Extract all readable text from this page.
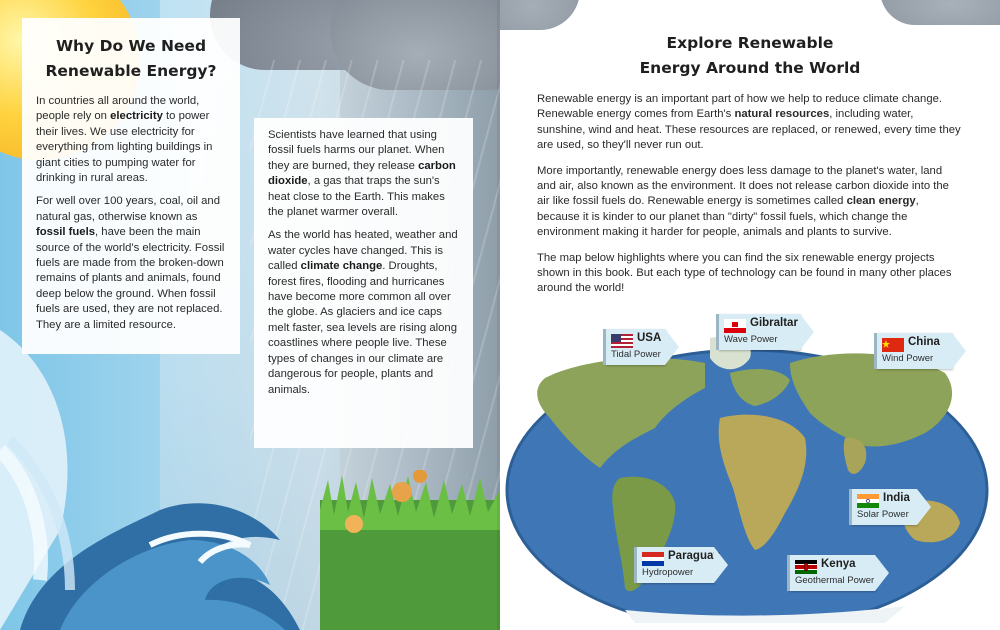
Why Do We Need
Renewable Energy?

In countries all around the world, people rely on electricity to power their lives. We use electricity for everything from lighting buildings in giant cities to pumping water for drinking in rural areas.

For well over 100 years, coal, oil and natural gas, otherwise known as fossil fuels, have been the main source of the world's electricity. Fossil fuels are made from the broken-down remains of plants and animals, found deep below the ground. When fossil fuels are used, they are not replaced. They are a limited resource.

Scientists have learned that using fossil fuels harms our planet. When they are burned, they release carbon dioxide, a gas that traps the sun's heat close to the Earth. This makes the planet warmer overall.

As the world has heated, weather and water cycles have changed. This is called climate change. Droughts, forest fires, flooding and hurricanes have become more common all over the globe. As glaciers and ice caps melt faster, sea levels are rising along coastlines where people live. These types of changes in our climate are dangerous for people, plants and animals.

Explore Renewable
Energy Around the World

Renewable energy is an important part of how we help to reduce climate change. Renewable energy comes from Earth's natural resources, including water, sunshine, wind and heat. These resources are replaced, or renewed, every time they are used, so they'll never run out.

More importantly, renewable energy does less damage to the planet's water, land and air, also known as the environment. It does not release carbon dioxide into the air like fossil fuels do. Renewable energy is sometimes called clean energy, because it is kinder to our planet than "dirty" fossil fuels, which change the environment making it harder for people, animals and plants to survive.

The map below highlights where you can find the six renewable energy projects shown in this book. But each type of technology can be found in many other places around the world!

USA
Tidal Power
Gibraltar
Wave Power	China
Wind Power
India
Solar Power
Paraguay
Hydropower
Kenya
Geothermal Power
